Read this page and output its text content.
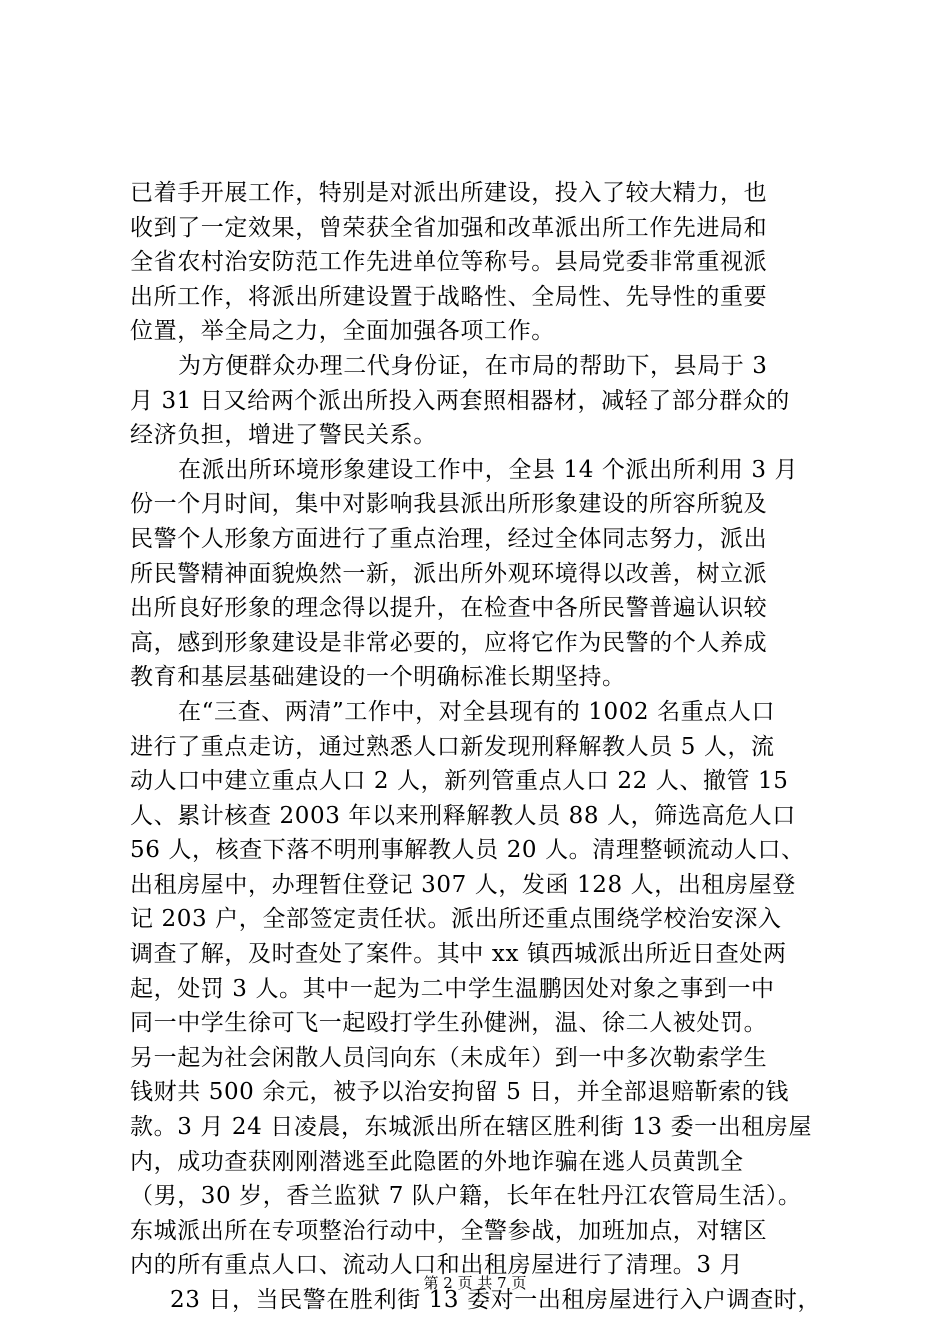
已着手开展工作，特别是对派出所建设，投入了较大精力，也
收到了一定效果，曾荣获全省加强和改革派出所工作先进局和
全省农村治安防范工作先进单位等称号。县局党委非常重视派
出所工作，将派出所建设置于战略性、全局性、先导性的重要
位置，举全局之力，全面加强各项工作。
为方便群众办理二代身份证，在市局的帮助下，县局于 3
月 31 日又给两个派出所投入两套照相器材，减轻了部分群众的
经济负担，增进了警民关系。
在派出所环境形象建设工作中，全县 14 个派出所利用 3 月
份一个月时间，集中对影响我县派出所形象建设的所容所貌及
民警个人形象方面进行了重点治理，经过全体同志努力，派出
所民警精神面貌焕然一新，派出所外观环境得以改善，树立派
出所良好形象的理念得以提升，在检查中各所民警普遍认识较
高，感到形象建设是非常必要的，应将它作为民警的个人养成
教育和基层基础建设的一个明确标准长期坚持。
在“三查、两清”工作中，对全县现有的 1002 名重点人口
进行了重点走访，通过熟悉人口新发现刑释解教人员 5 人，流
动人口中建立重点人口 2 人，新列管重点人口 22 人、撤管 15
人、累计核查 2003 年以来刑释解教人员 88 人，筛选高危人口
56 人，核查下落不明刑事解教人员 20 人。清理整顿流动人口、
出租房屋中，办理暂住登记 307 人，发函 128 人，出租房屋登
记 203 户，全部签定责任状。派出所还重点围绕学校治安深入
调查了解，及时查处了案件。其中 xx 镇西城派出所近日查处两
起，处罚 3 人。其中一起为二中学生温鹏因处对象之事到一中
同一中学生徐可飞一起殴打学生孙健洲，温、徐二人被处罚。
另一起为社会闲散人员闫向东（未成年）到一中多次勒索学生
钱财共 500 余元，被予以治安拘留 5 日，并全部退赔靳索的钱
款。3 月 24 日凌晨，东城派出所在辖区胜利街 13 委一出租房屋
内，成功查获刚刚潜逃至此隐匿的外地诈骗在逃人员黄凯全
（男，30 岁，香兰监狱 7 队户籍，长年在牡丹江农管局生活）。
东城派出所在专项整治行动中，全警参战，加班加点，对辖区
内的所有重点人口、流动人口和出租房屋进行了清理。3 月
23 日，当民警在胜利街 13 委对一出租房屋进行入户调查时，
第 2 页 共 7 页
